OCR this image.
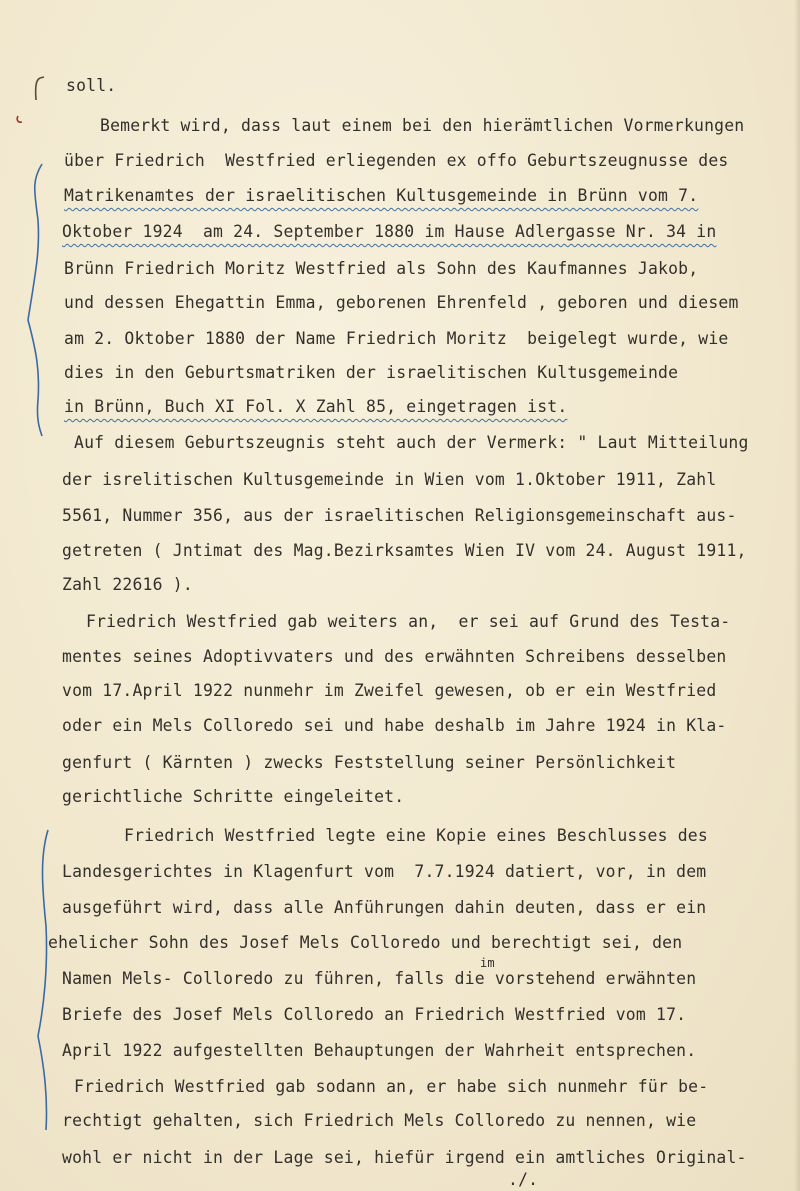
soll.
Bemerkt wird, dass laut einem bei den hierämtlichen Vormerkungen
über Friedrich  Westfried erliegenden ex offo Geburtszeugnusse des
Matrikenamtes der israelitischen Kultusgemeinde in Brünn vom 7.
Oktober 1924  am 24. September 1880 im Hause Adlergasse Nr. 34 in
Brünn Friedrich Moritz Westfried als Sohn des Kaufmannes Jakob,
und dessen Ehegattin Emma, geborenen Ehrenfeld , geboren und diesem
am 2. Oktober 1880 der Name Friedrich Moritz  beigelegt wurde, wie
dies in den Geburtsmatriken der israelitischen Kultusgemeinde
in Brünn, Buch XI Fol. X Zahl 85, eingetragen ist.
Auf diesem Geburtszeugnis steht auch der Vermerk: " Laut Mitteilung
der isrelitischen Kultusgemeinde in Wien vom 1.Oktober 1911, Zahl
5561, Nummer 356, aus der israelitischen Religionsgemeinschaft aus-
getreten ( Jntimat des Mag.Bezirksamtes Wien IV vom 24. August 1911,
Zahl 22616 ).
Friedrich Westfried gab weiters an,  er sei auf Grund des Testa-
mentes seines Adoptivvaters und des erwähnten Schreibens desselben
vom 17.April 1922 nunmehr im Zweifel gewesen, ob er ein Westfried
oder ein Mels Colloredo sei und habe deshalb im Jahre 1924 in Kla-
genfurt ( Kärnten ) zwecks Feststellung seiner Persönlichkeit
gerichtliche Schritte eingeleitet.
Friedrich Westfried legte eine Kopie eines Beschlusses des
Landesgerichtes in Klagenfurt vom  7.7.1924 datiert, vor, in dem
ausgeführt wird, dass alle Anführungen dahin deuten, dass er ein
ehelicher Sohn des Josef Mels Colloredo und berechtigt sei, den
im
Namen Mels- Colloredo zu führen, falls die vorstehend erwähnten
Briefe des Josef Mels Colloredo an Friedrich Westfried vom 17.
April 1922 aufgestellten Behauptungen der Wahrheit entsprechen.
Friedrich Westfried gab sodann an, er habe sich nunmehr für be-
rechtigt gehalten, sich Friedrich Mels Colloredo zu nennen, wie
wohl er nicht in der Lage sei, hiefür irgend ein amtliches Original-
./.
